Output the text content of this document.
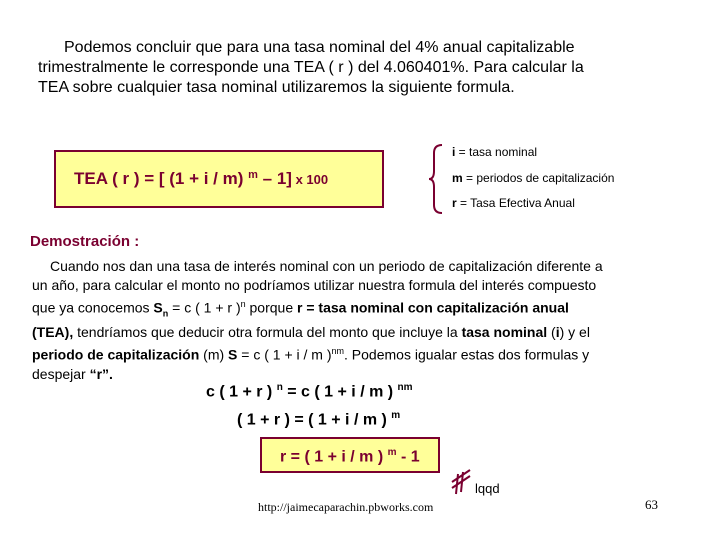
Podemos concluir que para una tasa nominal del 4% anual capitalizable

trimestralmente le corresponde una TEA ( r ) del 4.060401%. Para calcular la

TEA sobre cualquier tasa nominal utilizaremos la siguiente formula.

TEA ( r ) = [ (1 + i / m) $^m$ – 1] x 100
i = tasa nominal
m = periodos de capitalización
r = Tasa Efectiva Anual
Demostración :

Cuando nos dan una tasa de interés nominal con un periodo de capitalización diferente a

un año, para calcular el monto no podríamos utilizar nuestra formula del interés compuesto

que ya conocemos $S_n = c$ ( 1 + r )$^n$ porque r = tasa nominal con capitalización anual

(TEA), tendríamos que deducir otra formula del monto que incluye la tasa nominal (i) y el

periodo de capitalización (m) S = c ( 1 + i / m )$^{nm}$. Podemos igualar estas dos formulas y

despejar “r”.

c ( 1 + r ) $^n$ = c ( 1 + i / m ) $^{nm}$
( 1 + r ) = ( 1 + i / m ) $^m$
r = ( 1 + i / m ) $^m$ - 1
lqqd
http://jaimecaparachin.pbworks.com	63
